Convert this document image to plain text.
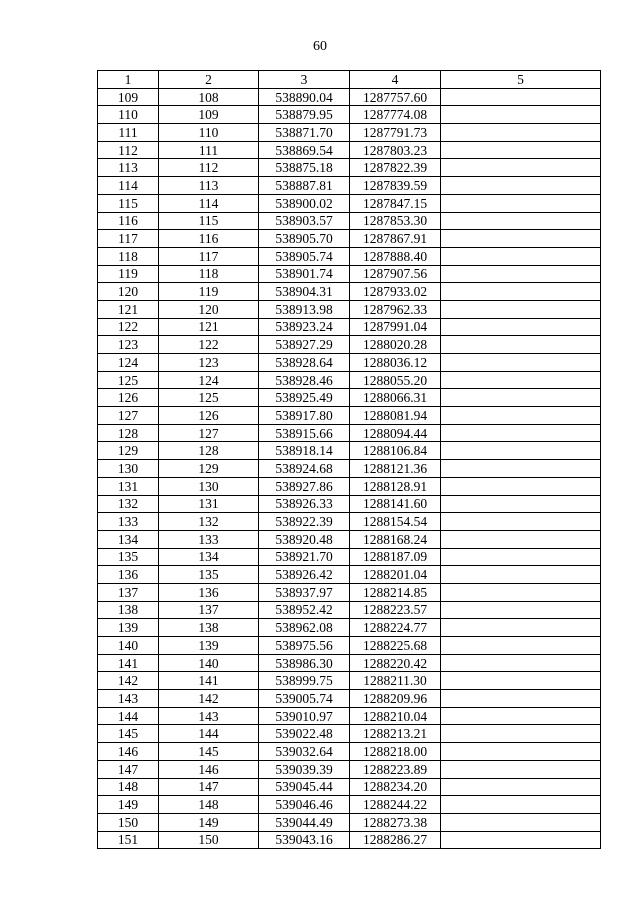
60
1	2	3	4	5
109	108	538890.04	1287757.60	
110	109	538879.95	1287774.08	
111	110	538871.70	1287791.73	
112	111	538869.54	1287803.23	
113	112	538875.18	1287822.39	
114	113	538887.81	1287839.59	
115	114	538900.02	1287847.15	
116	115	538903.57	1287853.30	
117	116	538905.70	1287867.91	
118	117	538905.74	1287888.40	
119	118	538901.74	1287907.56	
120	119	538904.31	1287933.02	
121	120	538913.98	1287962.33	
122	121	538923.24	1287991.04	
123	122	538927.29	1288020.28	
124	123	538928.64	1288036.12	
125	124	538928.46	1288055.20	
126	125	538925.49	1288066.31	
127	126	538917.80	1288081.94	
128	127	538915.66	1288094.44	
129	128	538918.14	1288106.84	
130	129	538924.68	1288121.36	
131	130	538927.86	1288128.91	
132	131	538926.33	1288141.60	
133	132	538922.39	1288154.54	
134	133	538920.48	1288168.24	
135	134	538921.70	1288187.09	
136	135	538926.42	1288201.04	
137	136	538937.97	1288214.85	
138	137	538952.42	1288223.57	
139	138	538962.08	1288224.77	
140	139	538975.56	1288225.68	
141	140	538986.30	1288220.42	
142	141	538999.75	1288211.30	
143	142	539005.74	1288209.96	
144	143	539010.97	1288210.04	
145	144	539022.48	1288213.21	
146	145	539032.64	1288218.00	
147	146	539039.39	1288223.89	
148	147	539045.44	1288234.20	
149	148	539046.46	1288244.22	
150	149	539044.49	1288273.38	
151	150	539043.16	1288286.27	
